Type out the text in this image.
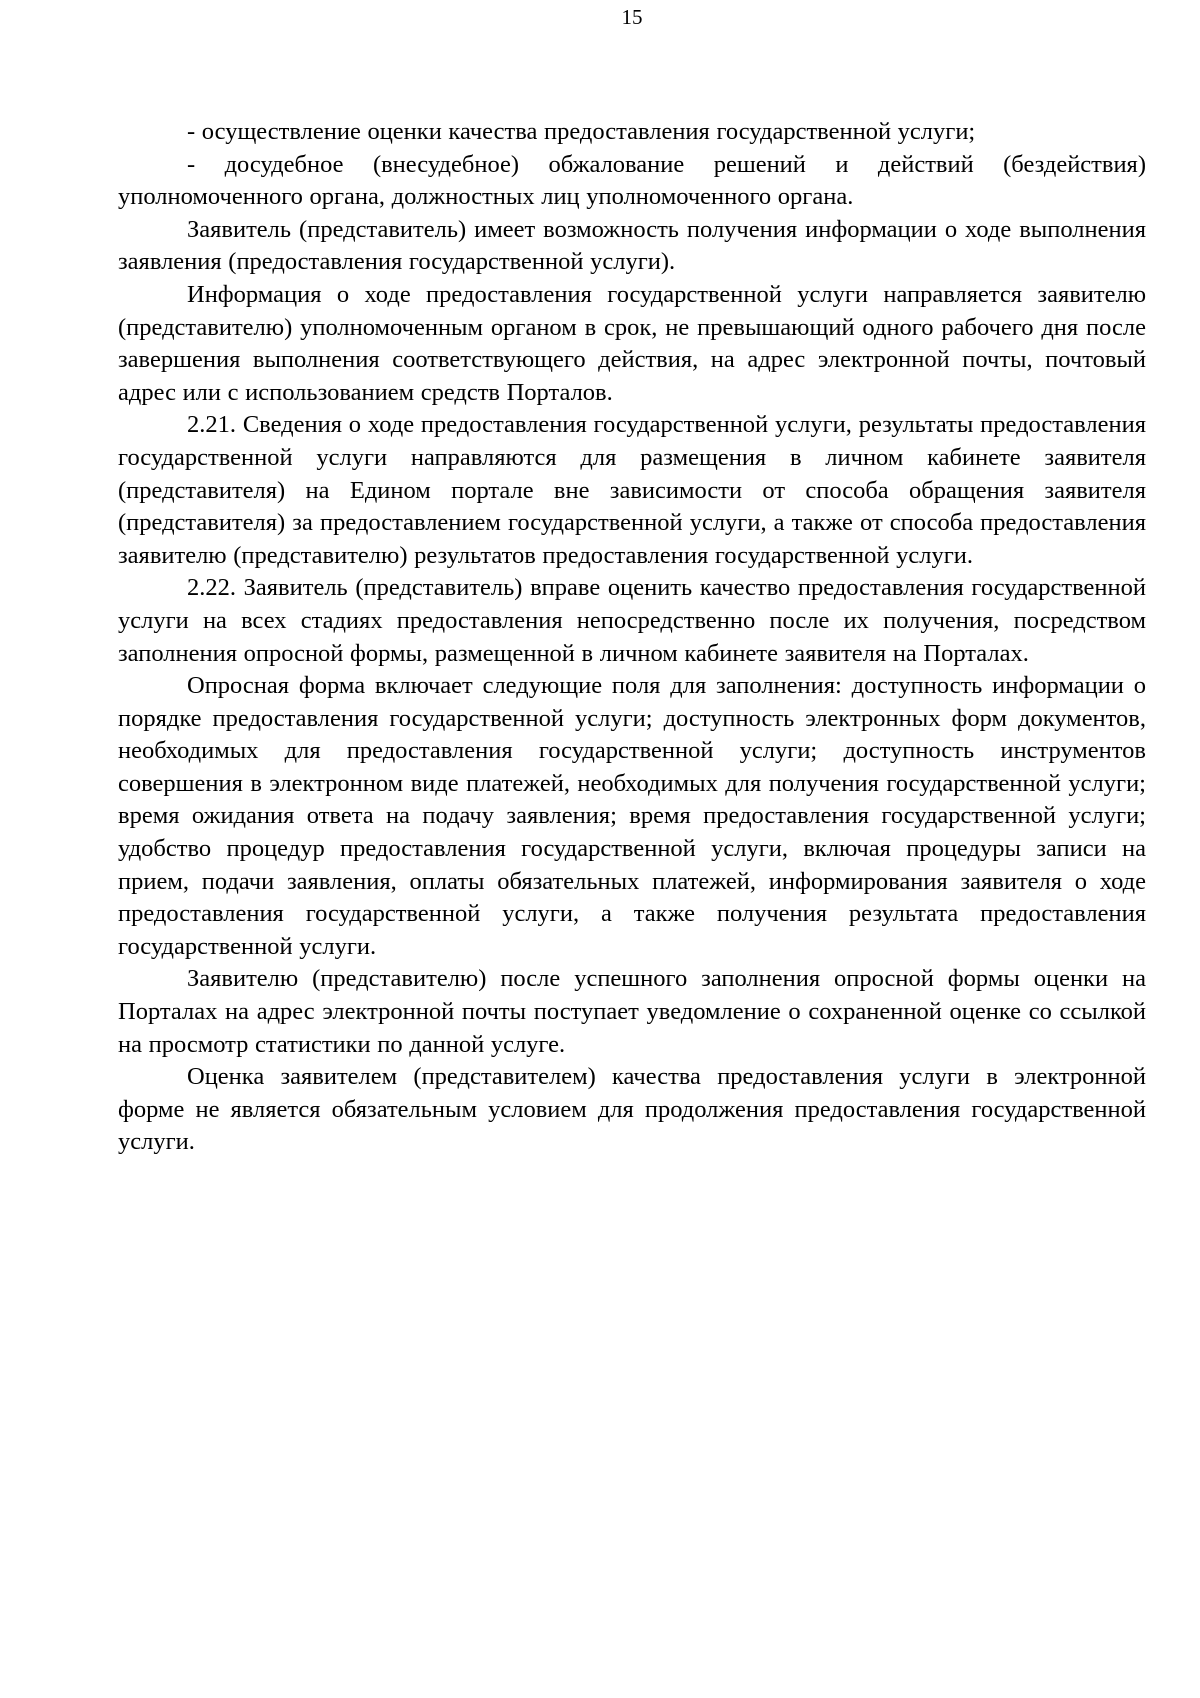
15

- осуществление оценки качества предоставления государственной услуги;

- досудебное (внесудебное) обжалование решений и действий (бездействия) уполномоченного органа, должностных лиц уполномоченного органа.

Заявитель (представитель) имеет возможность получения информации о ходе выполнения заявления (предоставления государственной услуги).

Информация о ходе предоставления государственной услуги направляется заявителю (представителю) уполномоченным органом в срок, не превышающий одного рабочего дня после завершения выполнения соответствующего действия, на адрес электронной почты, почтовый адрес или с использованием средств Порталов.

2.21. Сведения о ходе предоставления государственной услуги, результаты предоставления государственной услуги направляются для размещения в личном кабинете заявителя (представителя) на Едином портале вне зависимости от способа обращения заявителя (представителя) за предоставлением государственной услуги, а также от способа предоставления заявителю (представителю) результатов предоставления государственной услуги.

2.22. Заявитель (представитель) вправе оценить качество предоставления государственной услуги на всех стадиях предоставления непосредственно после их получения, посредством заполнения опросной формы, размещенной в личном кабинете заявителя на Порталах.

Опросная форма включает следующие поля для заполнения: доступность информации о порядке предоставления государственной услуги; доступность электронных форм документов, необходимых для предоставления государственной услуги; доступность инструментов совершения в электронном виде платежей, необходимых для получения государственной услуги; время ожидания ответа на подачу заявления; время предоставления государственной услуги; удобство процедур предоставления государственной услуги, включая процедуры записи на прием, подачи заявления, оплаты обязательных платежей, информирования заявителя о ходе предоставления государственной услуги, а также получения результата предоставления государственной услуги.

Заявителю (представителю) после успешного заполнения опросной формы оценки на Порталах на адрес электронной почты поступает уведомление о сохраненной оценке со ссылкой на просмотр статистики по данной услуге.

Оценка заявителем (представителем) качества предоставления услуги в электронной форме не является обязательным условием для продолжения предоставления государственной услуги.
